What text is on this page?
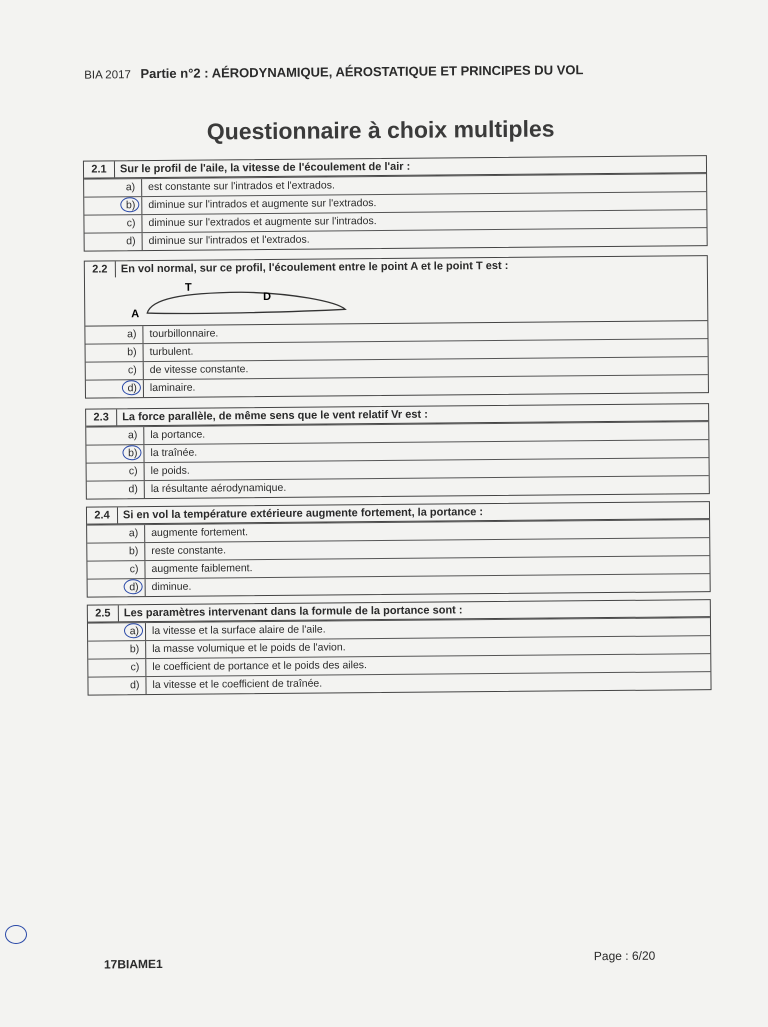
BIA 2017 Partie n°2 : AÉRODYNAMIQUE, AÉROSTATIQUE ET PRINCIPES DU VOL
Questionnaire à choix multiples
2.1	Sur le profil de l'aile, la vitesse de l'écoulement de l'air :
a)	est constante sur l'intrados et l'extrados.
b)	diminue sur l'intrados et augmente sur l'extrados.
c)	diminue sur l'extrados et augmente sur l'intrados.
d)	diminue sur l'intrados et l'extrados.
2.2	En vol normal, sur ce profil, l'écoulement entre le point A et le point T est :
A
T
D
a)	tourbillonnaire.
b)	turbulent.
c)	de vitesse constante.
d)	laminaire.
2.3	La force parallèle, de même sens que le vent relatif Vr est :
a)	la portance.
b)	la traînée.
c)	le poids.
d)	la résultante aérodynamique.
2.4	Si en vol la température extérieure augmente fortement, la portance :
a)	augmente fortement.
b)	reste constante.
c)	augmente faiblement.
d)	diminue.
2.5	Les paramètres intervenant dans la formule de la portance sont :
a)	la vitesse et la surface alaire de l'aile.
b)	la masse volumique et le poids de l'avion.
c)	le coefficient de portance et le poids des ailes.
d)	la vitesse et le coefficient de traînée.
17BIAME1
Page : 6/20
